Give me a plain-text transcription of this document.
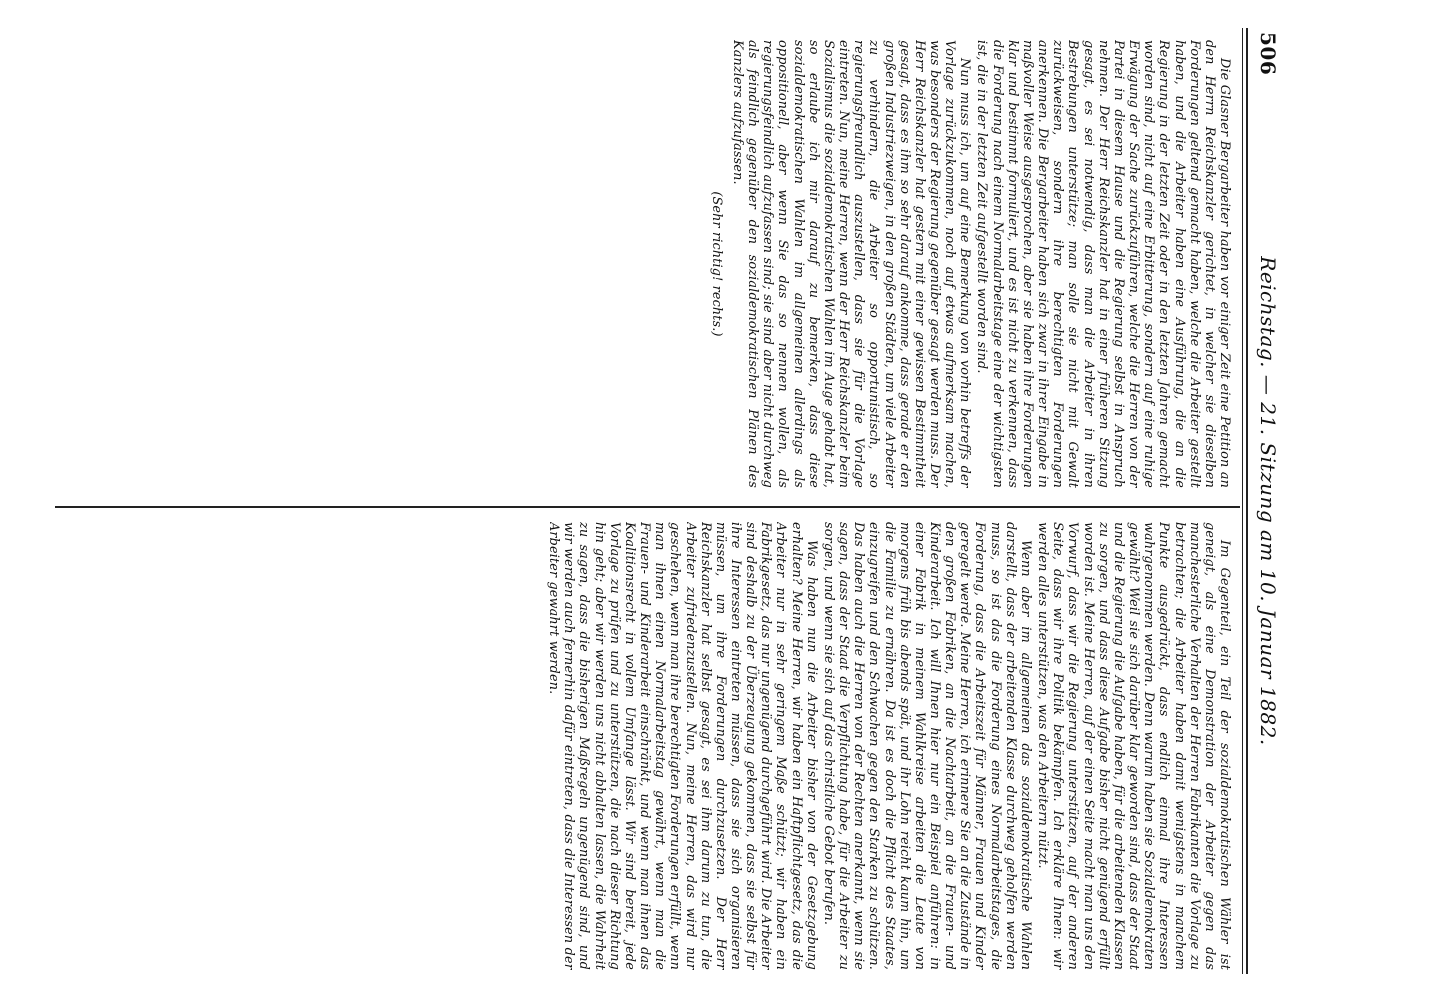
506
Reichstag. — 21. Sitzung am 10. Januar 1882.

Die Glasner Bergarbeiter haben vor einiger Zeit eine Petition an den Herrn Reichskanzler gerichtet, in welcher sie dieselben Forderungen geltend gemacht haben, welche die Arbeiter gestellt haben, und die Arbeiter haben eine Ausführung, die an die Regierung in der letzten Zeit oder in den letzten Jahren gemacht worden sind, nicht auf eine Erbitterung, sondern auf eine ruhige Erwägung der Sache zurückzuführen, welche die Herren von der Partei in diesem Hause und die Regierung selbst in Anspruch nehmen. Der Herr Reichskanzler hat in einer früheren Sitzung gesagt, es sei notwendig, dass man die Arbeiter in ihren Bestrebungen unterstütze; man solle sie nicht mit Gewalt zurückweisen, sondern ihre berechtigten Forderungen anerkennen. Die Bergarbeiter haben sich zwar in ihrer Eingabe in maßvoller Weise ausgesprochen, aber sie haben ihre Forderungen klar und bestimmt formuliert, und es ist nicht zu verkennen, dass die Forderung nach einem Normalarbeitstage eine der wichtigsten ist, die in der letzten Zeit aufgestellt worden sind.

Nun muss ich, um auf eine Bemerkung von vorhin betreffs der Vorlage zurückzukommen, noch auf etwas aufmerksam machen, was besonders der Regierung gegenüber gesagt werden muss. Der Herr Reichskanzler hat gestern mit einer gewissen Bestimmtheit gesagt, dass es ihm so sehr darauf ankomme, dass gerade er den großen Industriezweigen, in den großen Städten, um viele Arbeiter zu verhindern, die Arbeiter so opportunistisch, so regierungsfreundlich auszustellen, dass sie für die Vorlage eintreten. Nun, meine Herren, wenn der Herr Reichskanzler beim Sozialismus die sozialdemokratischen Wahlen im Auge gehabt hat, so erlaube ich mir darauf zu bemerken, dass diese sozialdemokratischen Wahlen im allgemeinen allerdings als oppositionell, aber wenn Sie das so nennen wollen, als regierungsfeindlich aufzufassen sind; sie sind aber nicht durchweg als feindlich gegenüber den sozialdemokratischen Plänen des Kanzlers aufzufassen.

(Sehr richtig! rechts.)

Im Gegenteil, ein Teil der sozialdemokratischen Wähler ist geneigt, als eine Demonstration der Arbeiter gegen das manchesterliche Verhalten der Herren Fabrikanten die Vorlage zu betrachten; die Arbeiter haben damit wenigstens in manchem Punkte ausgedrückt, dass endlich einmal ihre Interessen wahrgenommen werden. Denn warum haben sie Sozialdemokraten gewählt? Weil sie sich darüber klar geworden sind, dass der Staat und die Regierung die Aufgabe haben, für die arbeitenden Klassen zu sorgen, und dass diese Aufgabe bisher nicht genügend erfüllt worden ist. Meine Herren, auf der einen Seite macht man uns den Vorwurf, dass wir die Regierung unterstützen, auf der anderen Seite, dass wir ihre Politik bekämpfen. Ich erkläre Ihnen: wir werden alles unterstützen, was den Arbeitern nützt.

Wenn aber im allgemeinen das sozialdemokratische Wahlen darstellt, dass der arbeitenden Klasse durchweg geholfen werden muss, so ist das die Forderung eines Normalarbeitstages, die Forderung, dass die Arbeitszeit für Männer, Frauen und Kinder geregelt werde. Meine Herren, ich erinnere Sie an die Zustände in den großen Fabriken, an die Nachtarbeit, an die Frauen- und Kinderarbeit. Ich will Ihnen hier nur ein Beispiel anführen: in einer Fabrik in meinem Wahlkreise arbeiten die Leute von morgens früh bis abends spät, und ihr Lohn reicht kaum hin, um die Familie zu ernähren. Da ist es doch die Pflicht des Staates, einzugreifen und den Schwachen gegen den Starken zu schützen. Das haben auch die Herren von der Rechten anerkannt, wenn sie sagen, dass der Staat die Verpflichtung habe, für die Arbeiter zu sorgen, und wenn sie sich auf das christliche Gebot berufen.

Was haben nun die Arbeiter bisher von der Gesetzgebung erhalten? Meine Herren, wir haben ein Haftpflichtgesetz, das die Arbeiter nur in sehr geringem Maße schützt; wir haben ein Fabrikgesetz, das nur ungenügend durchgeführt wird. Die Arbeiter sind deshalb zu der Überzeugung gekommen, dass sie selbst für ihre Interessen eintreten müssen, dass sie sich organisieren müssen, um ihre Forderungen durchzusetzen. Der Herr Reichskanzler hat selbst gesagt, es sei ihm darum zu tun, die Arbeiter zufriedenzustellen. Nun, meine Herren, das wird nur geschehen, wenn man ihre berechtigten Forderungen erfüllt, wenn man ihnen einen Normalarbeitstag gewährt, wenn man die Frauen- und Kinderarbeit einschränkt, und wenn man ihnen das Koalitionsrecht in vollem Umfange lässt. Wir sind bereit, jede Vorlage zu prüfen und zu unterstützen, die nach dieser Richtung hin geht; aber wir werden uns nicht abhalten lassen, die Wahrheit zu sagen, dass die bisherigen Maßregeln ungenügend sind, und wir werden auch fernerhin dafür eintreten, dass die Interessen der Arbeiter gewahrt werden.
